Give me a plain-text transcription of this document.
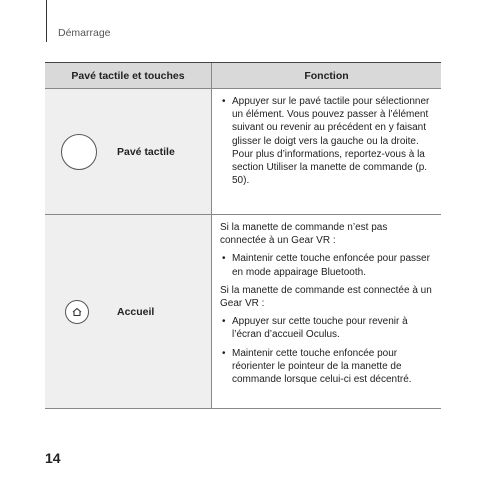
Démarrage
Pavé tactile et touches	Fonction
Pavé tactile
• Appuyer sur le pavé tactile pour sélectionner un élément. Vous pouvez passer à l’élément suivant ou revenir au précédent en y faisant glisser le doigt vers la gauche ou la droite. Pour plus d’informations, reportez-vous à la section Utiliser la manette de commande (p. 50).
Accueil
Si la manette de commande n’est pas connectée à un Gear VR :
• Maintenir cette touche enfoncée pour passer en mode appairage Bluetooth.
Si la manette de commande est connectée à un Gear VR :
• Appuyer sur cette touche pour revenir à l’écran d’accueil Oculus.
• Maintenir cette touche enfoncée pour réorienter le pointeur de la manette de commande lorsque celui-ci est décentré.
14
